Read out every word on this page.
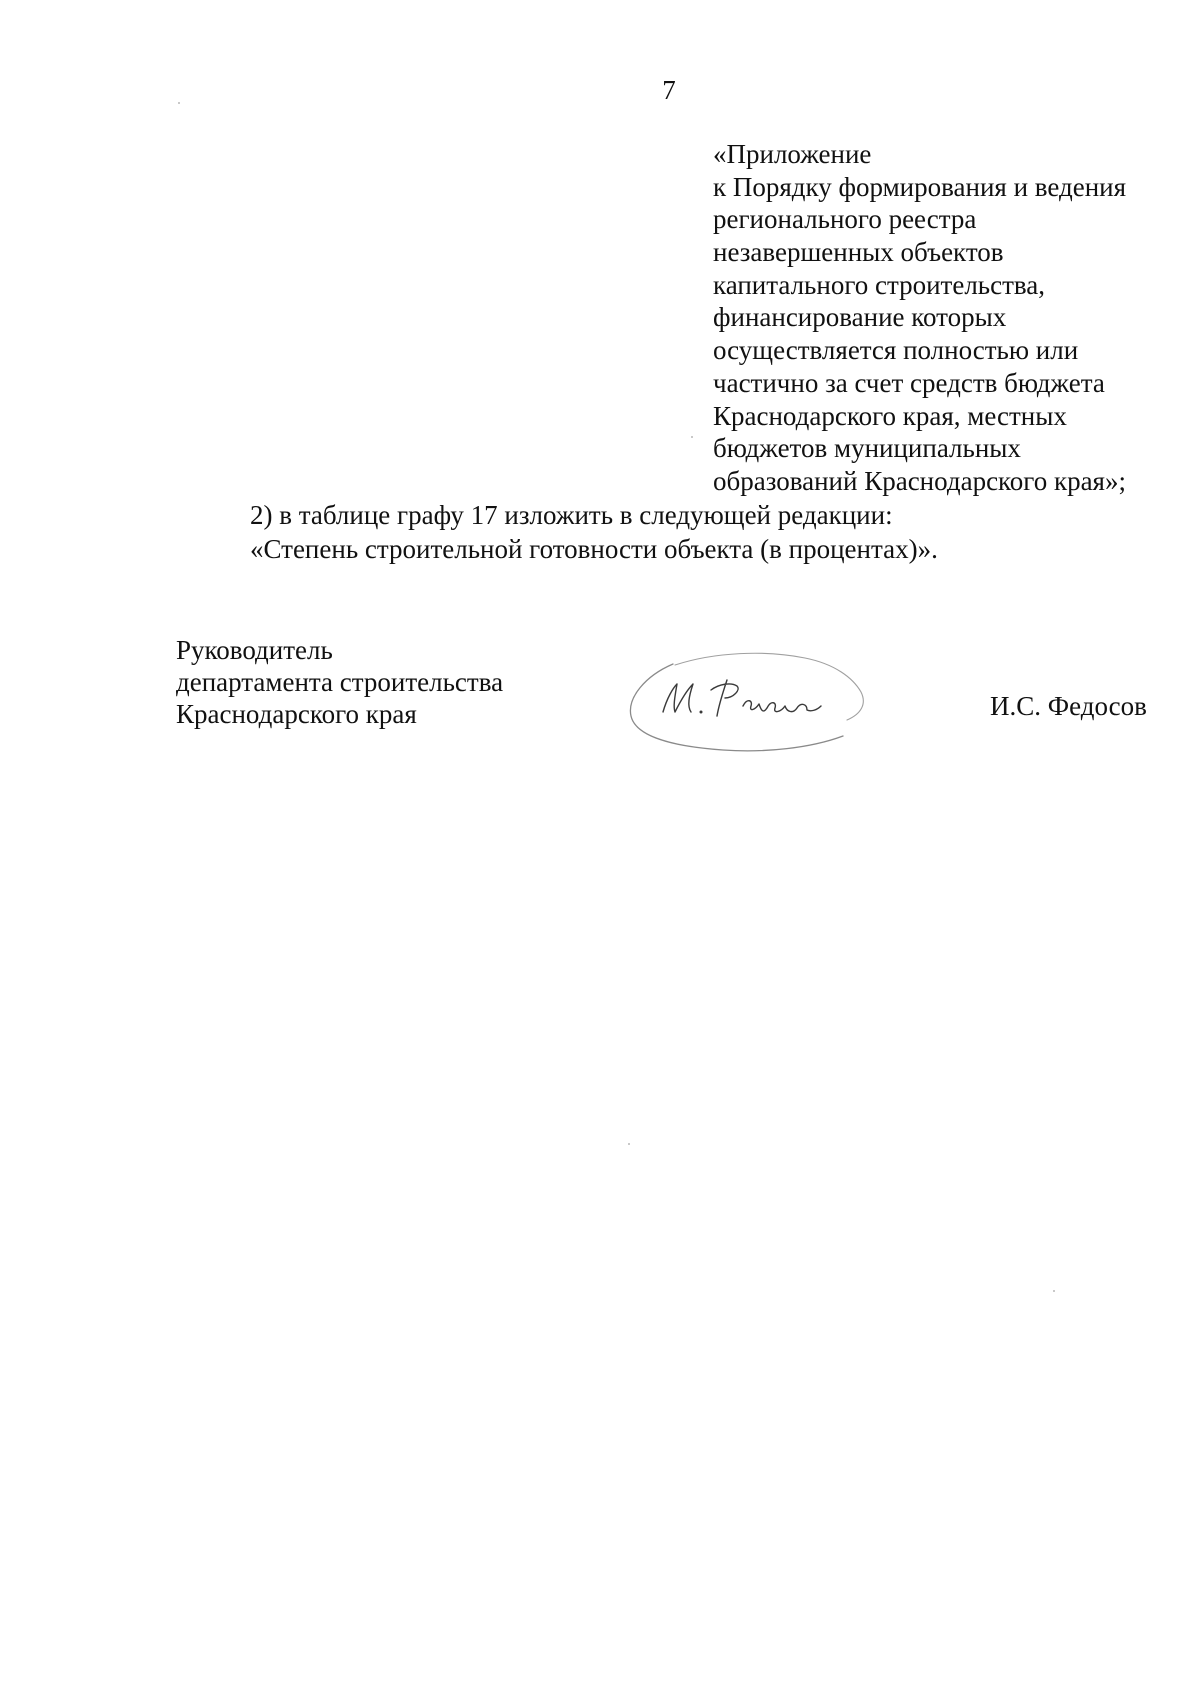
7

«Приложение
к Порядку формирования и ведения
регионального реестра
незавершенных объектов
капитального строительства,
финансирование которых
осуществляется полностью или
частично за счет средств бюджета
Краснодарского края, местных
бюджетов муниципальных
образований Краснодарского края»;
2) в таблице графу 17 изложить в следующей редакции:
«Степень строительной готовности объекта (в процентах)».
Руководитель
департамента строительства
Краснодарского края	И.С. Федосов
